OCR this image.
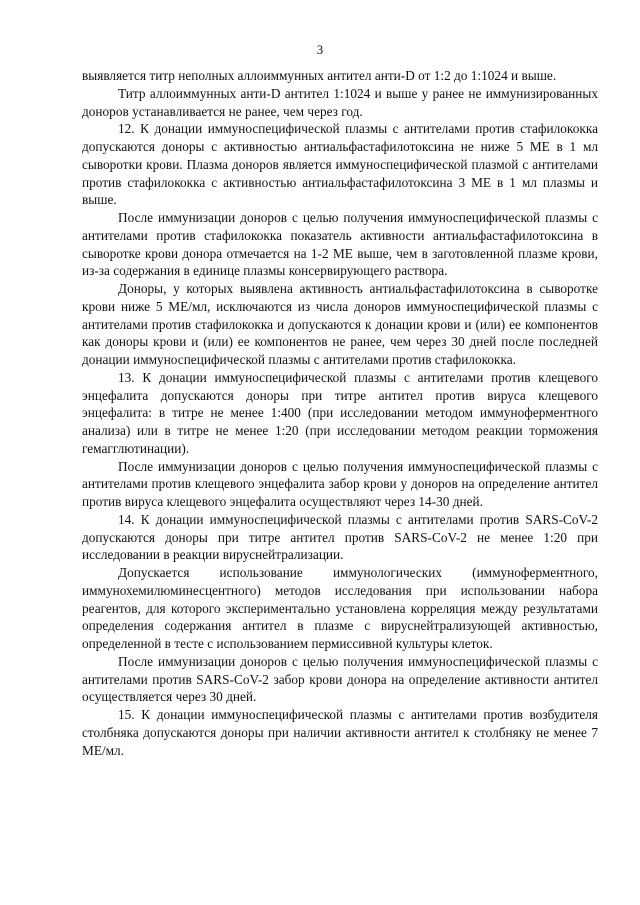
3

выявляется титр неполных аллоиммунных антител анти-D от 1:2 до 1:1024 и выше.

Титр аллоиммунных анти-D антител 1:1024 и выше у ранее не иммунизированных доноров устанавливается не ранее, чем через год.

12. К донации иммуноспецифической плазмы с антителами против стафилококка допускаются доноры с активностью антиальфастафилотоксина не ниже 5 МЕ в 1 мл сыворотки крови. Плазма доноров является иммуноспецифической плазмой с антителами против стафилококка с активностью антиальфастафилотоксина 3 МЕ в 1 мл плазмы и выше.

После иммунизации доноров с целью получения иммуноспецифической плазмы с антителами против стафилококка показатель активности антиальфастафилотоксина в сыворотке крови донора отмечается на 1-2 МЕ выше, чем в заготовленной плазме крови, из-за содержания в единице плазмы консервирующего раствора.

Доноры, у которых выявлена активность антиальфастафилотоксина в сыворотке крови ниже 5 МЕ/мл, исключаются из числа доноров иммуноспецифической плазмы с антителами против стафилококка и допускаются к донации крови и (или) ее компонентов как доноры крови и (или) ее компонентов не ранее, чем через 30 дней после последней донации иммуноспецифической плазмы с антителами против стафилококка.

13. К донации иммуноспецифической плазмы с антителами против клещевого энцефалита допускаются доноры при титре антител против вируса клещевого энцефалита: в титре не менее 1:400 (при исследовании методом иммуноферментного анализа) или в титре не менее 1:20 (при исследовании методом реакции торможения гемагглютинации).

После иммунизации доноров с целью получения иммуноспецифической плазмы с антителами против клещевого энцефалита забор крови у доноров на определение антител против вируса клещевого энцефалита осуществляют через 14-30 дней.

14. К донации иммуноспецифической плазмы с антителами против SARS-CoV-2 допускаются доноры при титре антител против SARS-CoV-2 не менее 1:20 при исследовании в реакции вируснейтрализации.

Допускается использование иммунологических (иммуноферментного, иммунохемилюминесцентного) методов исследования при использовании набора реагентов, для которого экспериментально установлена корреляция между результатами определения содержания антител в плазме с вируснейтрализующей активностью, определенной в тесте с использованием пермиссивной культуры клеток.

После иммунизации доноров с целью получения иммуноспецифической плазмы с антителами против SARS-CoV-2 забор крови донора на определение активности антител осуществляется через 30 дней.

15. К донации иммуноспецифической плазмы с антителами против возбудителя столбняка допускаются доноры при наличии активности антител к столбняку не менее 7 МЕ/мл.
